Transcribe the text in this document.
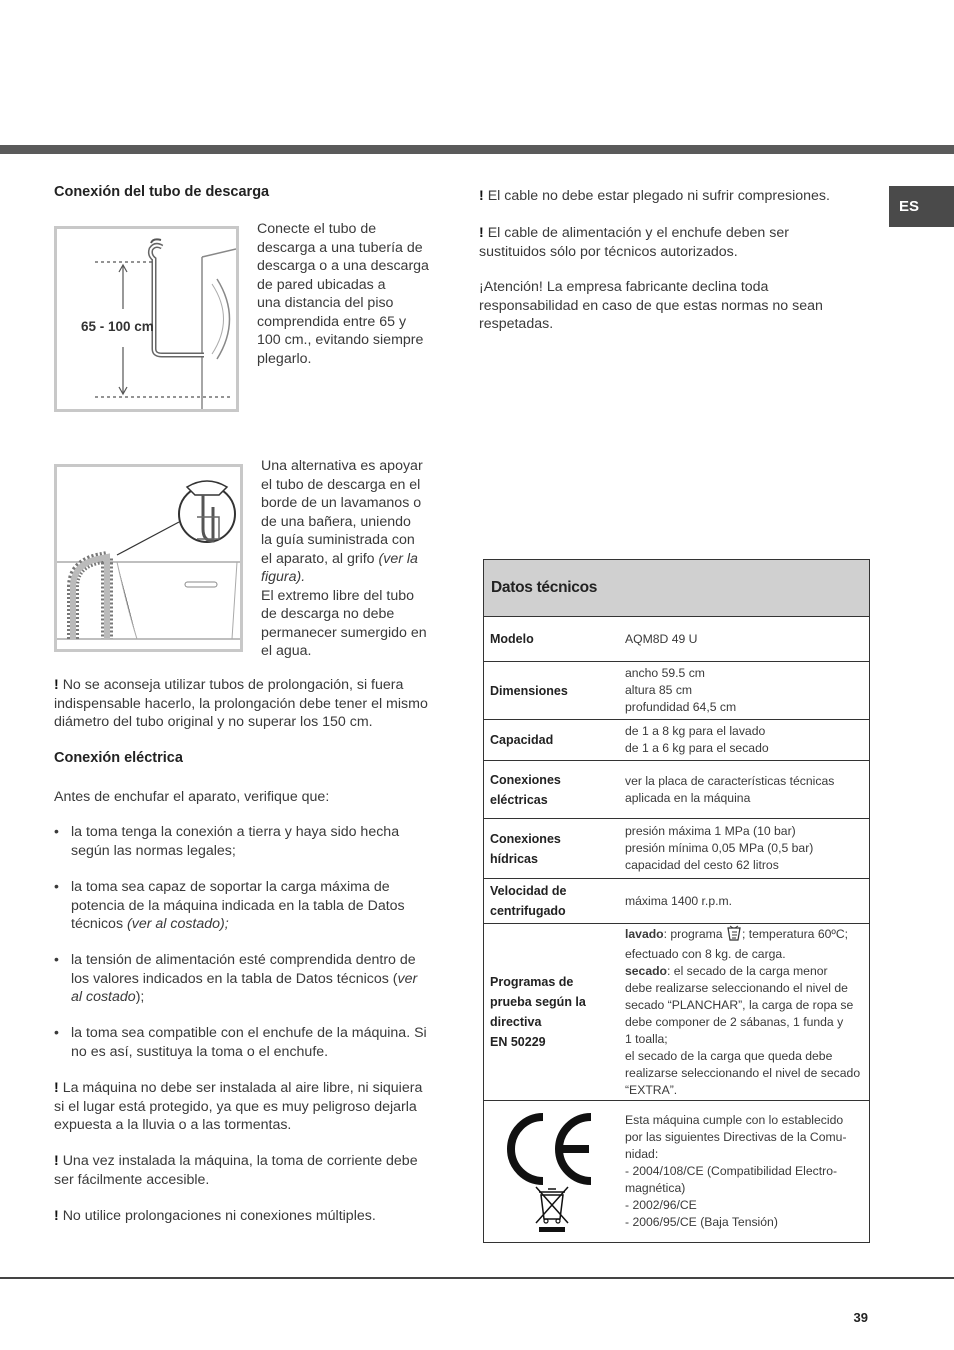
ES
Conexión del tubo de descarga
65 - 100 cm

Conecte el tubo de

descarga a una tubería de

descarga o a una descarga

de pared ubicadas a

una distancia del piso

comprendida entre 65 y

100 cm., evitando siempre

plegarlo.

Una alternativa es apoyar

el tubo de descarga en el

borde de un lavamanos o

de una bañera, uniendo

la guía suministrada con

el aparato, al grifo (ver la

figura).

El extremo libre del tubo

de descarga no debe

permanecer sumergido en

el agua.

! No se aconseja utilizar tubos de prolongación, si fuera

indispensable hacerlo, la prolongación debe tener el mismo

diámetro del tubo original y no superar los 150 cm.

Conexión eléctrica

Antes de enchufar el aparato, verifique que:

• la toma tenga la conexión a tierra y haya sido hecha

según las normas legales;

• la toma sea capaz de soportar la carga máxima de

potencia de la máquina indicada en la tabla de Datos

técnicos (ver al costado);

• la tensión de alimentación esté comprendida dentro de

los valores indicados en la tabla de Datos técnicos (ver

al costado);

• la toma sea compatible con el enchufe de la máquina. Si

no es así, sustituya la toma o el enchufe.

! La máquina no debe ser instalada al aire libre, ni siquiera

si el lugar está protegido, ya que es muy peligroso dejarla

expuesta a la lluvia o a las tormentas.

! Una vez instalada la máquina, la toma de corriente debe

ser fácilmente accesible.

! No utilice prolongaciones ni conexiones múltiples.

! El cable no debe estar plegado ni sufrir compresiones.

! El cable de alimentación y el enchufe deben ser

sustituidos sólo por técnicos autorizados.

¡Atención! La empresa fabricante declina toda

responsabilidad en caso de que estas normas no sean

respetadas.

Datos técnicos
Modelo	AQM8D 49 U
Dimensiones
ancho 59.5 cm
altura 85 cm
profundidad 64,5 cm
Capacidad
de 1 a 8 kg para el lavado
de 1 a 6 kg para el secado
Conexiones
eléctricas
ver la placa de características técnicas
aplicada en la máquina
Conexiones
hídricas
presión máxima 1 MPa (10 bar)
presión mínima 0,05 MPa (0,5 bar)
capacidad del cesto 62 litros
Velocidad de
centrifugado
máxima 1400 r.p.m.
Programas de
prueba según la
directiva
EN 50229
lavado: programa ; temperatura 60ºC;
efectuado con 8 kg. de carga.
secado: el secado de la carga menor
debe realizarse seleccionando el nivel de
secado “PLANCHAR”, la carga de ropa se
debe componer de 2 sábanas, 1 funda y
1 toalla;
el secado de la carga que queda debe
realizarse seleccionando el nivel de secado
“EXTRA”.
Esta máquina cumple con lo establecido
por las siguientes Directivas de la Comu-
nidad:
- 2004/108/CE (Compatibilidad Electro-
magnética)
- 2002/96/CE
- 2006/95/CE (Baja Tensión)
39
